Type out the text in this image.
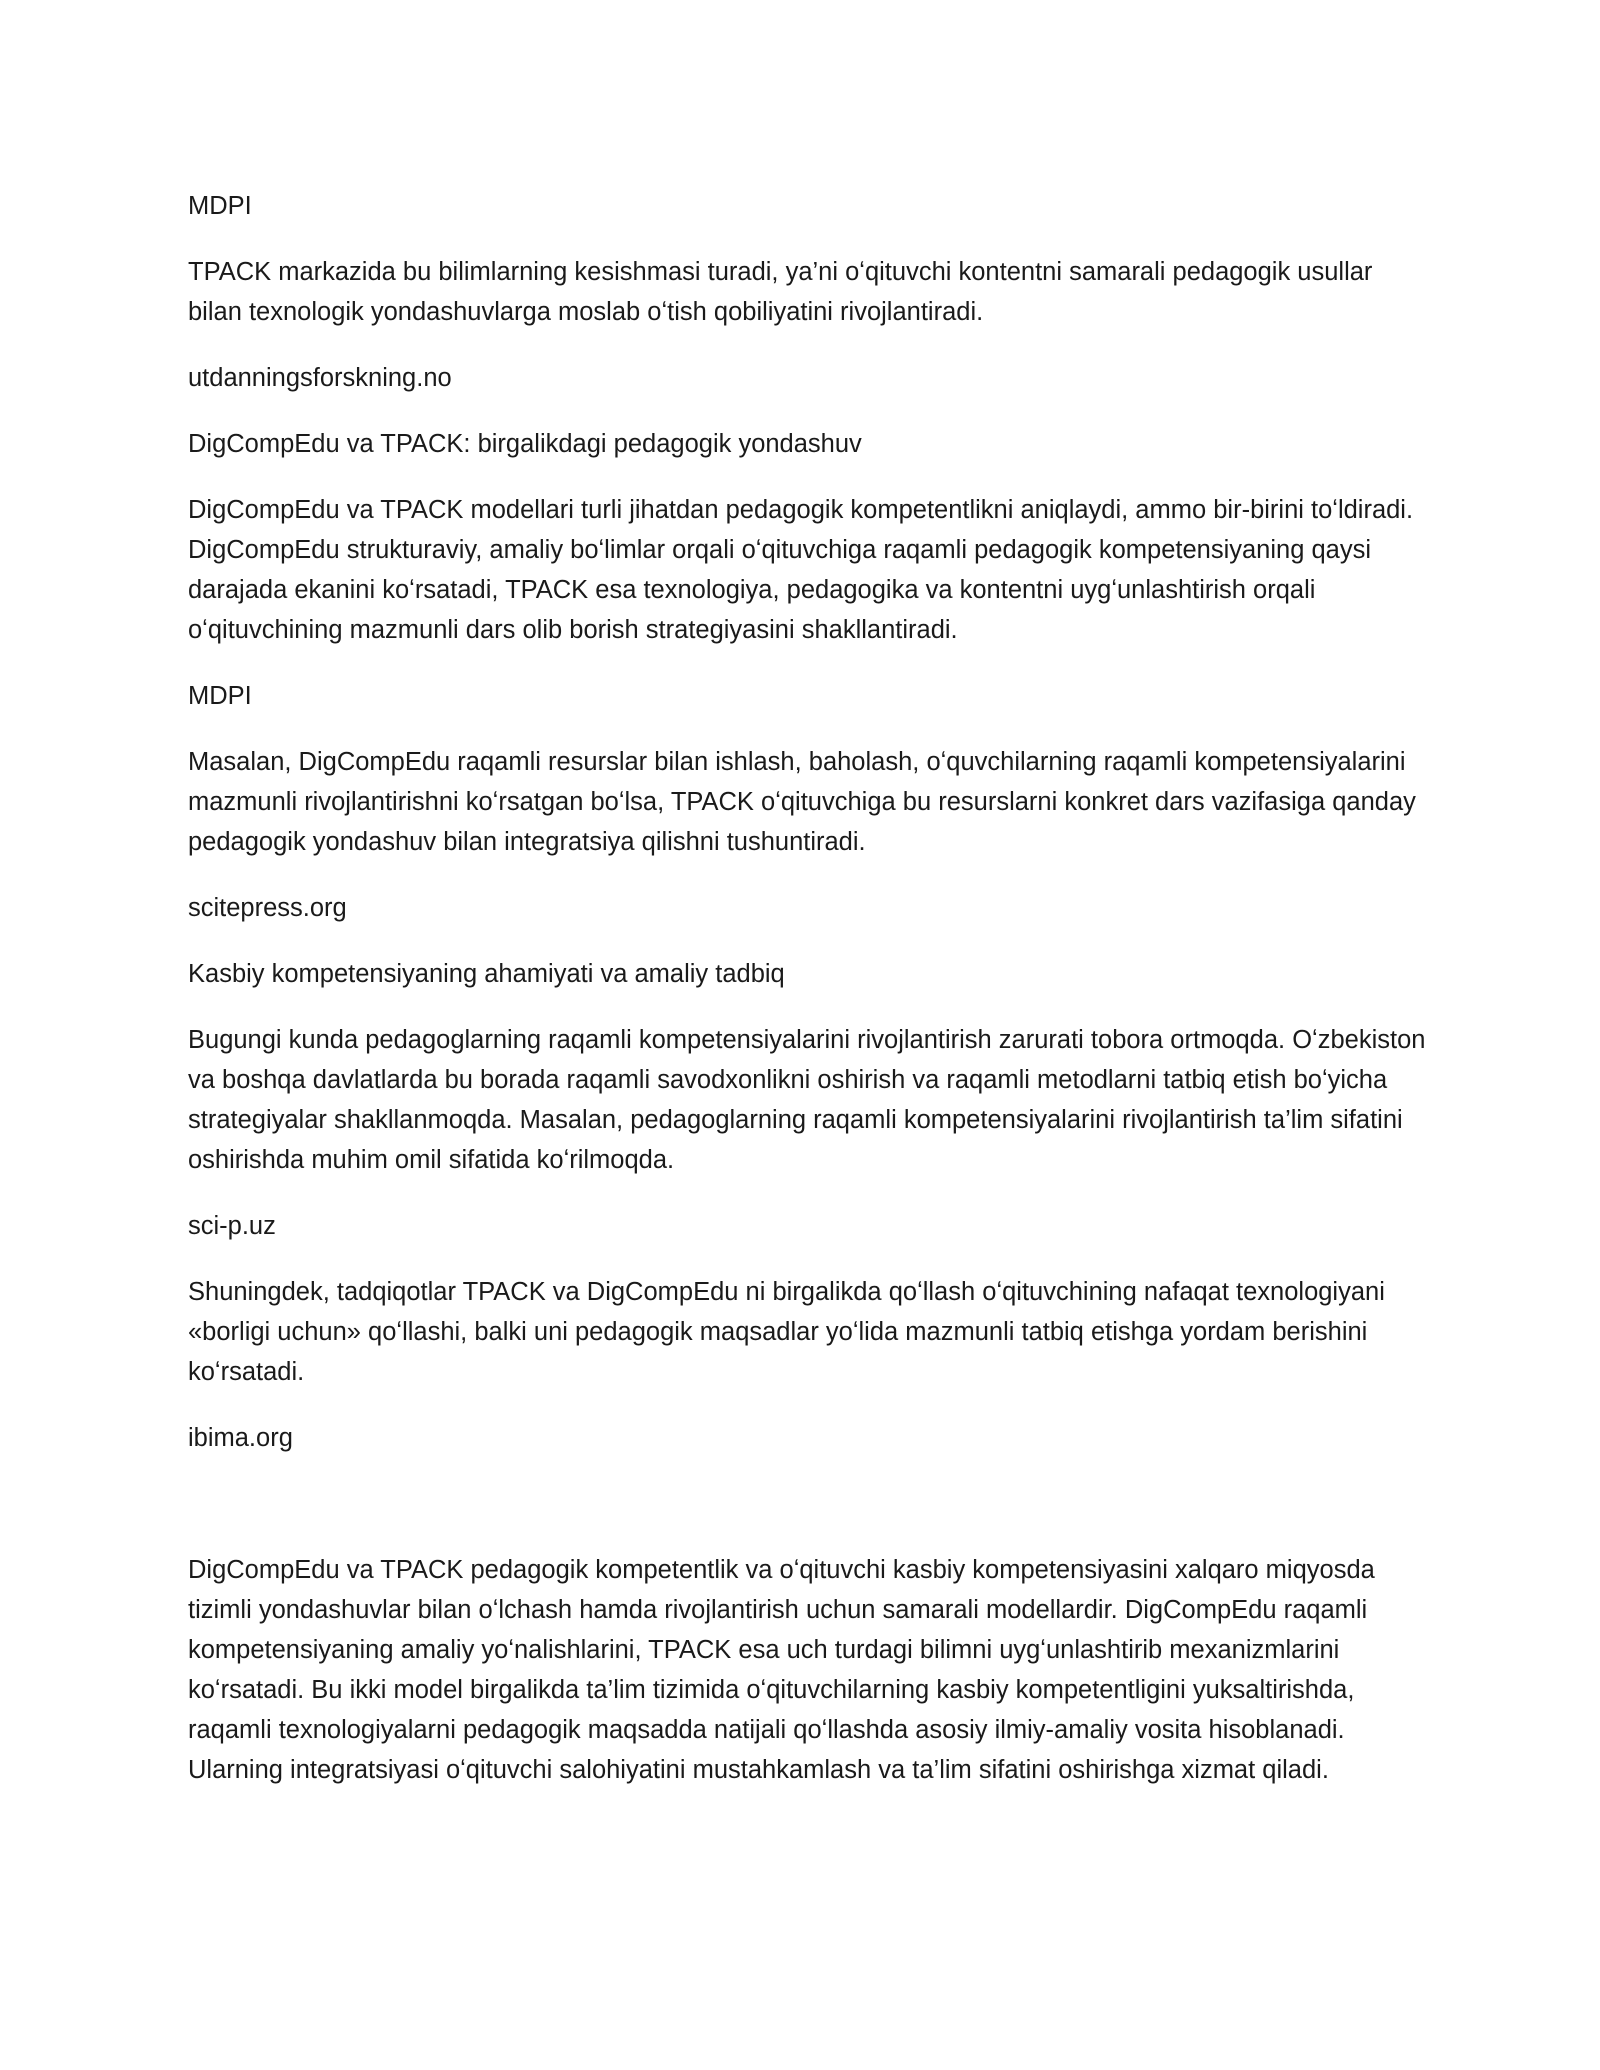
MDPI

TPACK markazida bu bilimlarning kesishmasi turadi, ya’ni oʻqituvchi kontentni samarali pedagogik usullar bilan texnologik yondashuvlarga moslab oʻtish qobiliyatini rivojlantiradi.

utdanningsforskning.no

DigCompEdu va TPACK: birgalikdagi pedagogik yondashuv

DigCompEdu va TPACK modellari turli jihatdan pedagogik kompetentlikni aniqlaydi, ammo bir-birini toʻldiradi. DigCompEdu strukturaviy, amaliy boʻlimlar orqali oʻqituvchiga raqamli pedagogik kompetensiyaning qaysi darajada ekanini koʻrsatadi, TPACK esa texnologiya, pedagogika va kontentni uygʻunlashtirish orqali oʻqituvchining mazmunli dars olib borish strategiyasini shakllantiradi.

MDPI

Masalan, DigCompEdu raqamli resurslar bilan ishlash, baholash, oʻquvchilarning raqamli kompetensiyalarini mazmunli rivojlantirishni koʻrsatgan boʻlsa, TPACK oʻqituvchiga bu resurslarni konkret dars vazifasiga qanday pedagogik yondashuv bilan integratsiya qilishni tushuntiradi.

scitepress.org

Kasbiy kompetensiyaning ahamiyati va amaliy tadbiq

Bugungi kunda pedagoglarning raqamli kompetensiyalarini rivojlantirish zarurati tobora ortmoqda. Oʻzbekiston va boshqa davlatlarda bu borada raqamli savodxonlikni oshirish va raqamli metodlarni tatbiq etish boʻyicha strategiyalar shakllanmoqda. Masalan, pedagoglarning raqamli kompetensiyalarini rivojlantirish ta’lim sifatini oshirishda muhim omil sifatida koʻrilmoqda.

sci-p.uz

Shuningdek, tadqiqotlar TPACK va DigCompEdu ni birgalikda qoʻllash oʻqituvchining nafaqat texnologiyani «borligi uchun» qoʻllashi, balki uni pedagogik maqsadlar yoʻlida mazmunli tatbiq etishga yordam berishini koʻrsatadi.

ibima.org

DigCompEdu va TPACK pedagogik kompetentlik va oʻqituvchi kasbiy kompetensiyasini xalqaro miqyosda tizimli yondashuvlar bilan oʻlchash hamda rivojlantirish uchun samarali modellardir. DigCompEdu raqamli kompetensiyaning amaliy yoʻnalishlarini, TPACK esa uch turdagi bilimni uygʻunlashtirib mexanizmlarini koʻrsatadi. Bu ikki model birgalikda ta’lim tizimida oʻqituvchilarning kasbiy kompetentligini yuksaltirishda, raqamli texnologiyalarni pedagogik maqsadda natijali qoʻllashda asosiy ilmiy-amaliy vosita hisoblanadi. Ularning integratsiyasi oʻqituvchi salohiyatini mustahkamlash va ta’lim sifatini oshirishga xizmat qiladi.
